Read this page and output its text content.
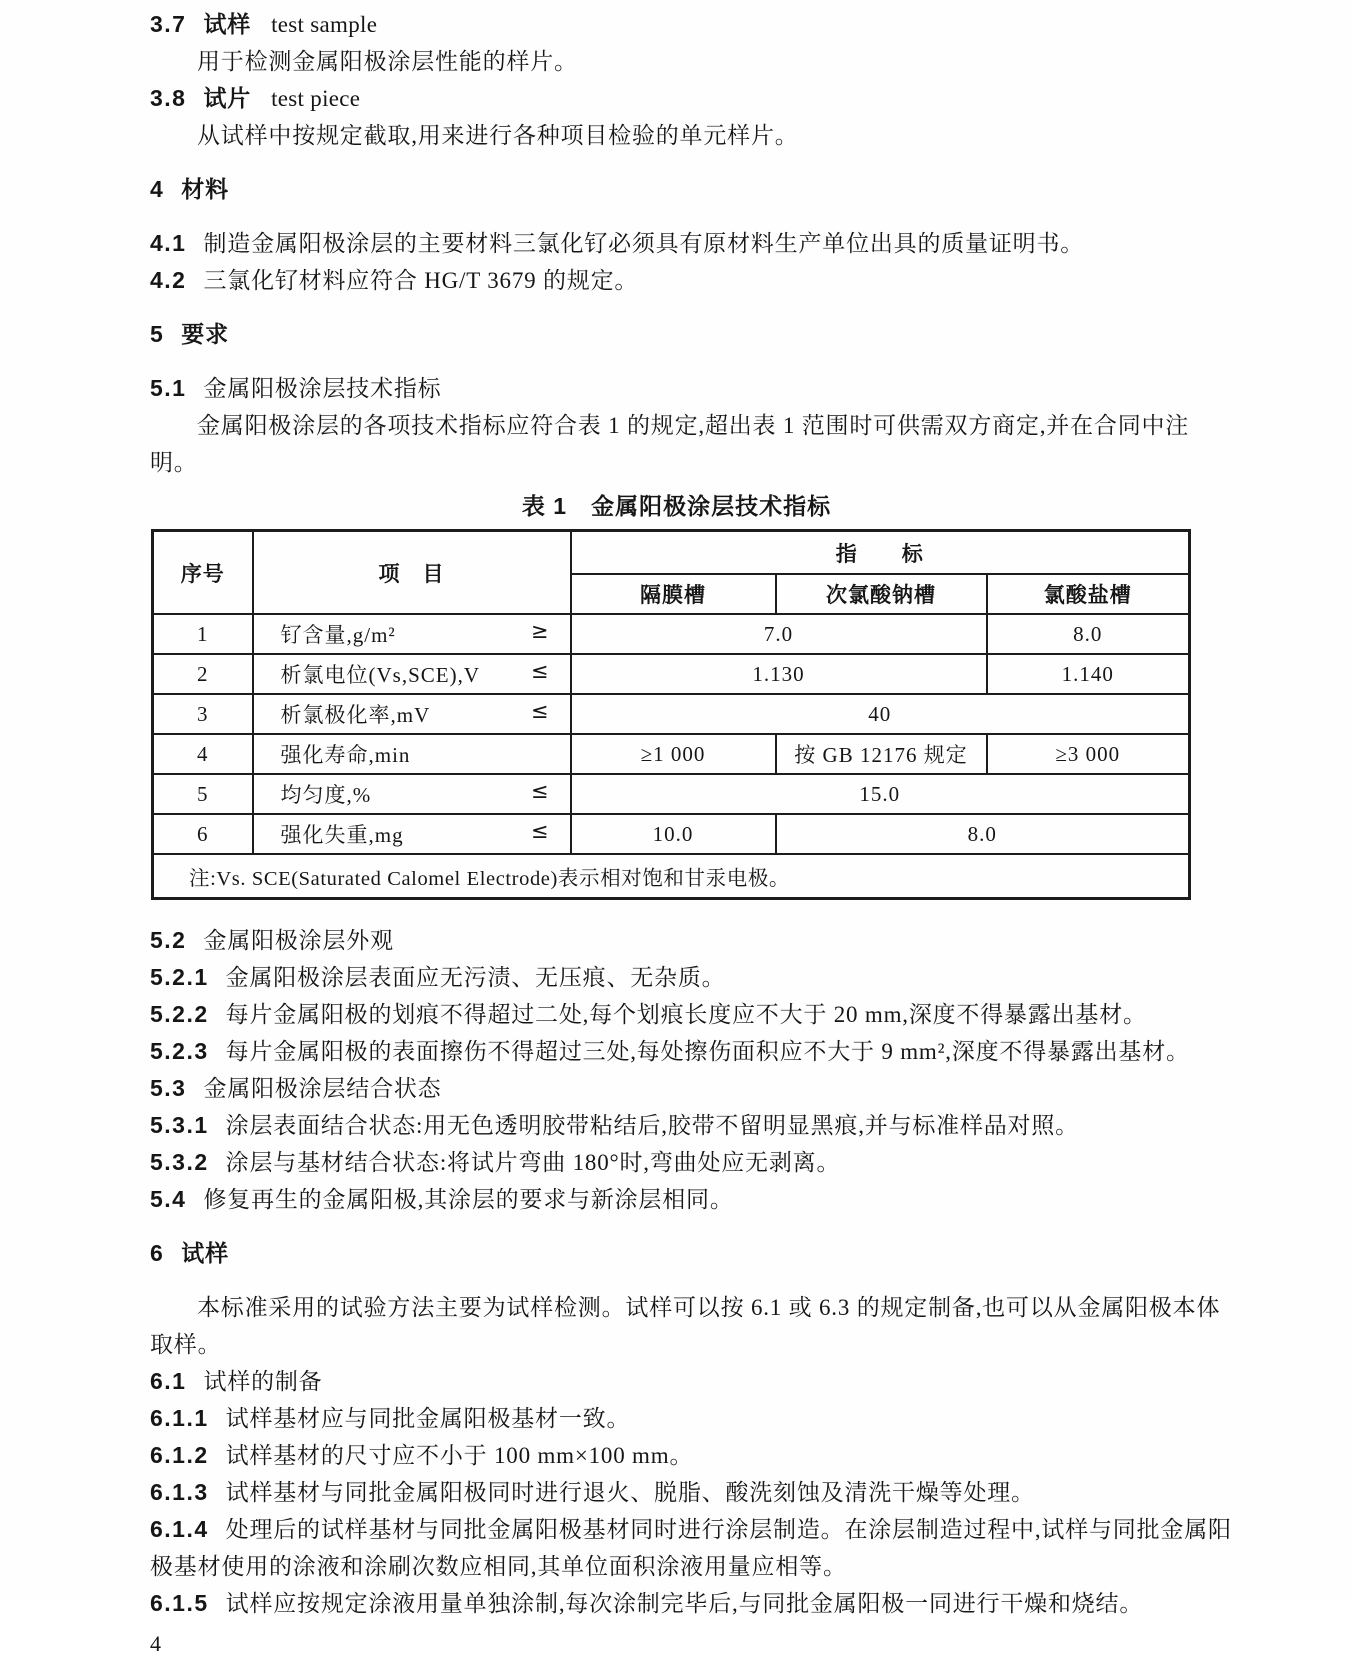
3.7 试样 test sample

用于检测金属阳极涂层性能的样片。

3.8 试片 test piece

从试样中按规定截取,用来进行各种项目检验的单元样片。

4 材料

4.1 制造金属阳极涂层的主要材料三氯化钌必须具有原材料生产单位出具的质量证明书。

4.2 三氯化钌材料应符合 HG/T 3679 的规定。

5 要求

5.1 金属阳极涂层技术指标

金属阳极涂层的各项技术指标应符合表 1 的规定,超出表 1 范围时可供需双方商定,并在合同中注明。

表 1　金属阳极涂层技术指标

序号	项　目	指　　标		
		隔膜槽	次氯酸钠槽	氯酸盐槽
1	钌含量,g/m² ≥	7.0		8.0
2	析氯电位(Vs,SCE),V ≤	1.130		1.140
3	析氯极化率,mV ≤	40		
4	强化寿命,min	≥1 000	按 GB 12176 规定	≥3 000
5	均匀度,% ≤	15.0		
6	强化失重,mg ≤	10.0	8.0	
注:Vs. SCE(Saturated Calomel Electrode)表示相对饱和甘汞电极。				

5.2 金属阳极涂层外观

5.2.1 金属阳极涂层表面应无污渍、无压痕、无杂质。

5.2.2 每片金属阳极的划痕不得超过二处,每个划痕长度应不大于 20 mm,深度不得暴露出基材。

5.2.3 每片金属阳极的表面擦伤不得超过三处,每处擦伤面积应不大于 9 mm²,深度不得暴露出基材。

5.3 金属阳极涂层结合状态

5.3.1 涂层表面结合状态:用无色透明胶带粘结后,胶带不留明显黑痕,并与标准样品对照。

5.3.2 涂层与基材结合状态:将试片弯曲 180°时,弯曲处应无剥离。

5.4 修复再生的金属阳极,其涂层的要求与新涂层相同。

6 试样

本标准采用的试验方法主要为试样检测。试样可以按 6.1 或 6.3 的规定制备,也可以从金属阳极本体取样。

6.1 试样的制备

6.1.1 试样基材应与同批金属阳极基材一致。

6.1.2 试样基材的尺寸应不小于 100 mm×100 mm。

6.1.3 试样基材与同批金属阳极同时进行退火、脱脂、酸洗刻蚀及清洗干燥等处理。

6.1.4 处理后的试样基材与同批金属阳极基材同时进行涂层制造。在涂层制造过程中,试样与同批金属阳极基材使用的涂液和涂刷次数应相同,其单位面积涂液用量应相等。

6.1.5 试样应按规定涂液用量单独涂制,每次涂制完毕后,与同批金属阳极一同进行干燥和烧结。

4
